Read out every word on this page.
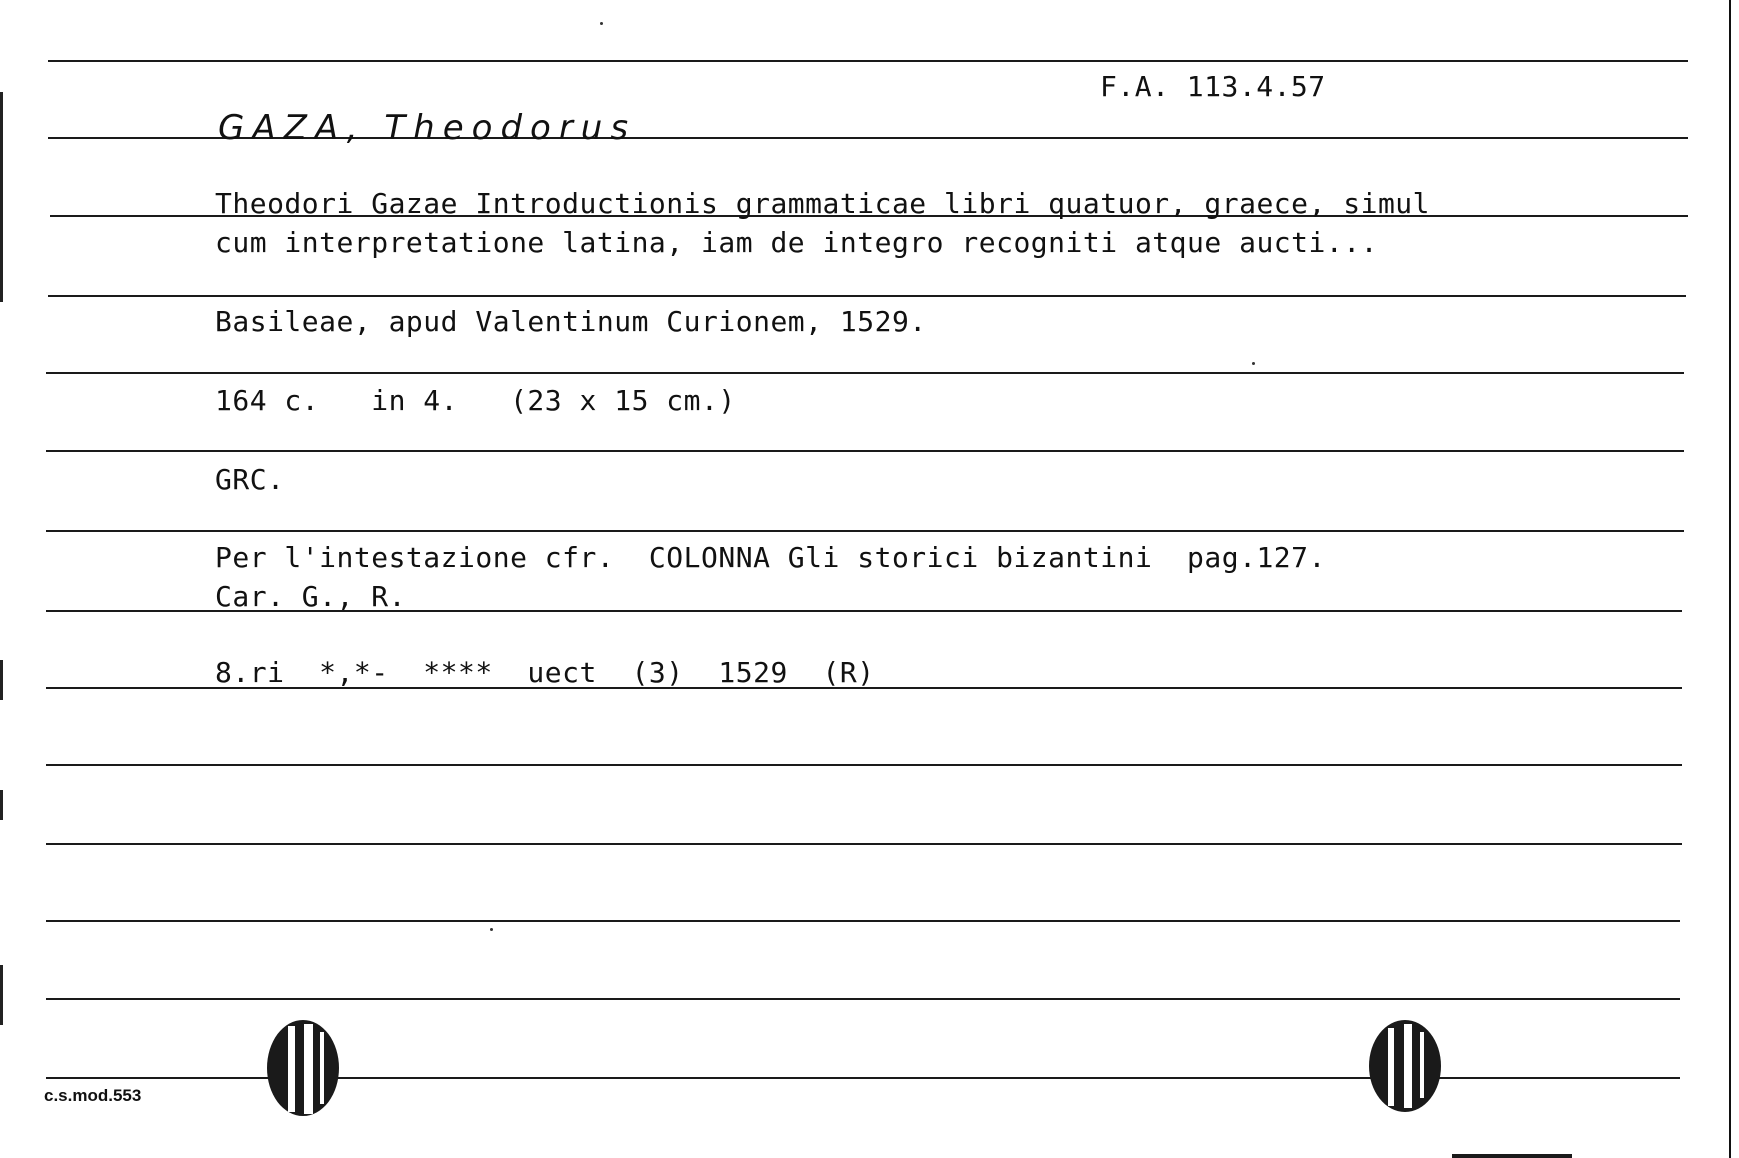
F.A. 113.4.57
GAZA, Theodorus
Theodori Gazae Introductionis grammaticae libri quatuor, graece, simul
cum interpretatione latina, iam de integro recogniti atque aucti...
Basileae, apud Valentinum Curionem, 1529.
164 c.   in 4.   (23 x 15 cm.)
GRC.
Per l'intestazione cfr.  COLONNA Gli storici bizantini  pag.127.
Car. G., R.
8.ri  *,*-  ****  uect  (3)  1529  (R)
c.s.mod.553
